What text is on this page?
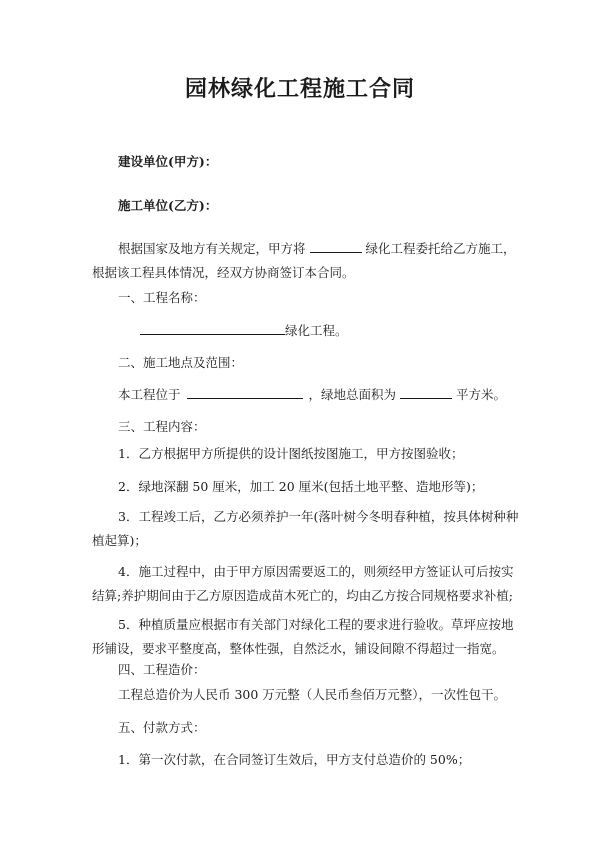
园林绿化工程施工合同
建设单位(甲方)：
施工单位(乙方)：
根据国家及地方有关规定，甲方将	绿化工程委托给乙方施工，根据该工程具体情况，经双方协商签订本合同。
一、工程名称：
绿化工程。
二、施工地点及范围：
本工程位于	，绿地总面积为	平方米。
三、工程内容：
1．乙方根据甲方所提供的设计图纸按图施工，甲方按图验收；
2．绿地深翻 50 厘米，加工 20 厘米(包括土地平整、造地形等)；
3．工程竣工后，乙方必须养护一年(落叶树今冬明春种植，按具体树种种植起算)；
4．施工过程中，由于甲方原因需要返工的，则须经甲方签证认可后按实结算;养护期间由于乙方原因造成苗木死亡的，均由乙方按合同规格要求补植;
5．种植质量应根据市有关部门对绿化工程的要求进行验收。草坪应按地形铺设，要求平整度高，整体性强，自然泛水，铺设间隙不得超过一指宽。
四、工程造价：
工程总造价为人民币 300 万元整（人民币叁佰万元整），一次性包干。
五、付款方式：
1．第一次付款，在合同签订生效后，甲方支付总造价的 50%；
